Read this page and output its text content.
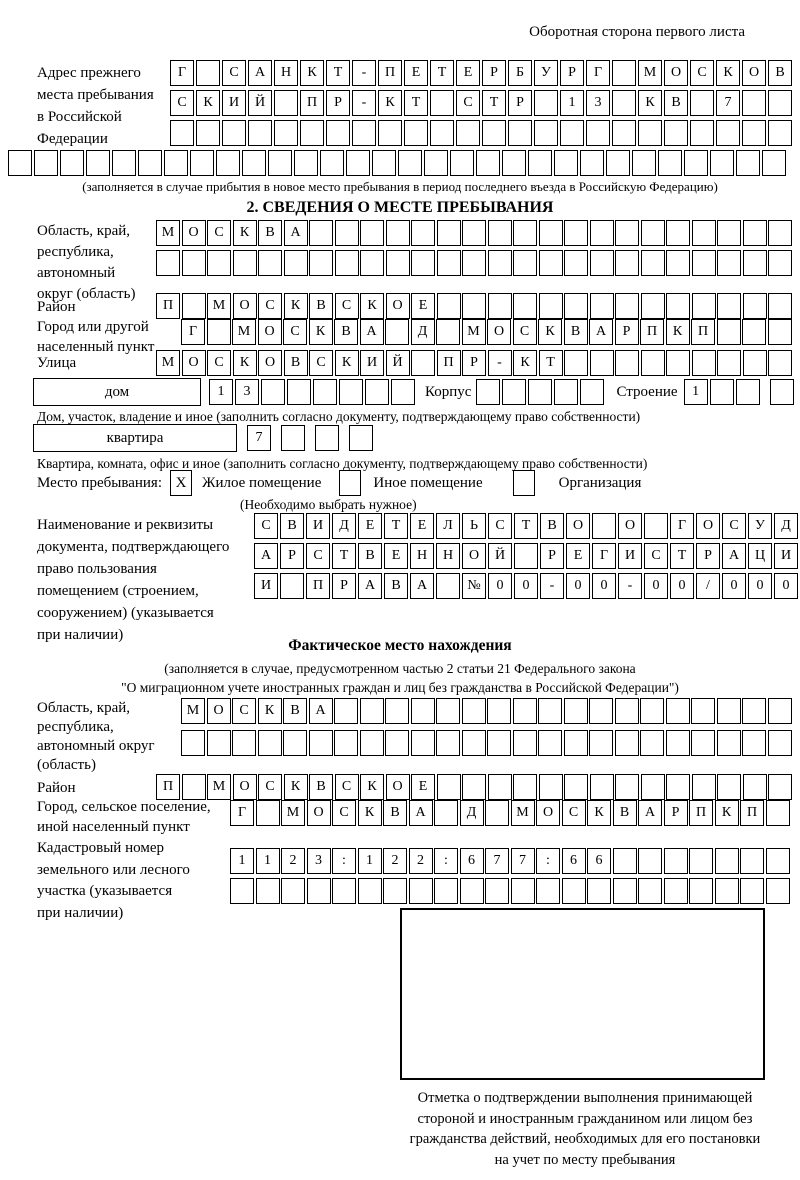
Оборотная сторона первого листа
Адрес прежнего
места пребывания
в Российской
Федерации
Г	С	А	Н	К	Т	-	П	Е	Т	Е	Р	Б	У	Р	Г	М	О	С	К	О	В
С	К	И	Й	П	Р	-	К	Т	С	Т	Р	1	3	К	В	7
(заполняется в случае прибытия в новое место пребывания в период последнего въезда в Российскую Федерацию)
2. СВЕДЕНИЯ О МЕСТЕ ПРЕБЫВАНИЯ
Область, край,
республика,
автономный
округ (область)
М	О	С	К	В	А
Район	П	М	О	С	К	В	С	К	О	Е
Город или другой
населенный пункт
Г	М	О	С	К	В	А	Д	М	О	С	К	В	А	Р	П	К	П
Улица	М	О	С	К	О	В	С	К	И	Й	П	Р	-	К	Т
дом	1	3	Корпус	Строение	1
Дом, участок, владение и иное (заполнить согласно документу, подтверждающему право собственности)
квартира	7
Квартира, комната, офис и иное (заполнить согласно документу, подтверждающему право собственности)
Место пребывания: X	Жилое помещение	Иное помещение	Организация
(Необходимо выбрать нужное)
Наименование и реквизиты
документа, подтверждающего
право пользования
помещением (строением,
сооружением) (указывается
при наличии)
С	В	И	Д	Е	Т	Е	Л	Ь	С	Т	В	О	О	Г	О	С	У	Д
А	Р	С	Т	В	Е	Н	Н	О	Й	Р	Е	Г	И	С	Т	Р	А	Ц	И
И	П	Р	А	В	А	№	0	0	-	0	0	-	0	0	/	0	0	0
Фактическое место нахождения
(заполняется в случае, предусмотренном частью 2 статьи 21 Федерального закона
"О миграционном учете иностранных граждан и лиц без гражданства в Российской Федерации")
Область, край,
республика,
автономный округ
(область)
М	О	С	К	В	А
Район	П	М	О	С	К	В	С	К	О	Е
Город, сельское поселение,
иной населенный пункт
Г	М	О	С	К	В	А	Д	М	О	С	К	В	А	Р	П	К	П
Кадастровый номер
земельного или лесного
участка (указывается
при наличии)
1	1	2	3	:	1	2	2	:	6	7	7	:	6	6
Отметка о подтверждении выполнения принимающей
стороной и иностранным гражданином или лицом без
гражданства действий, необходимых для его постановки
на учет по месту пребывания
